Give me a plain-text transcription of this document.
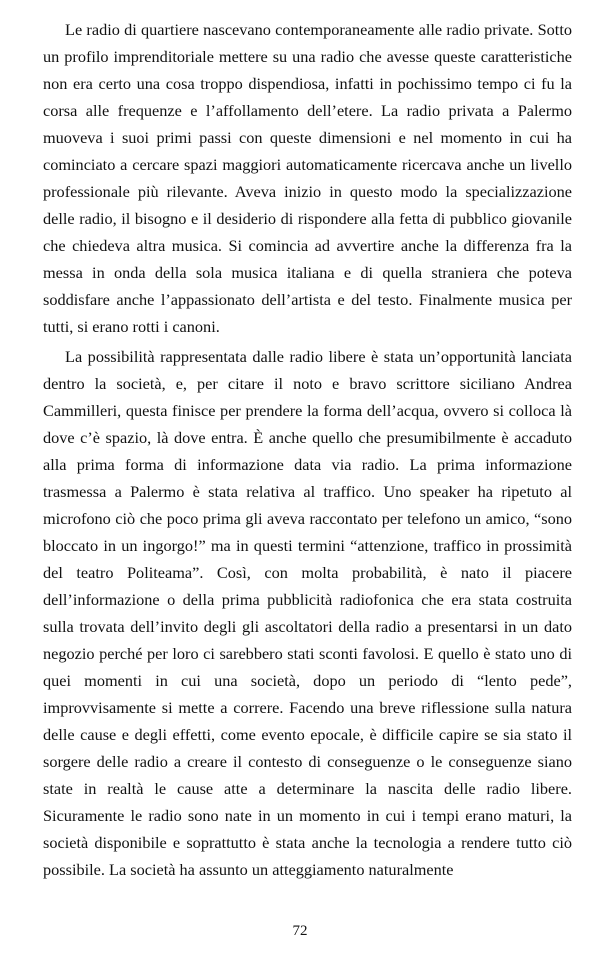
Le radio di quartiere nascevano contemporaneamente alle radio private. Sotto un profilo imprenditoriale mettere su una radio che avesse queste caratteristiche non era certo una cosa troppo dispendiosa, infatti in pochissimo tempo ci fu la corsa alle frequenze e l’affollamento dell’etere. La radio privata a Palermo muoveva i suoi primi passi con queste dimensioni e nel momento in cui ha cominciato a cercare spazi maggiori automaticamente ricercava anche un livello professionale più rilevante. Aveva inizio in questo modo la specializzazione delle radio, il bisogno e il desiderio di rispondere alla fetta di pubblico giovanile che chiedeva altra musica. Si comincia ad avvertire anche la differenza fra la messa in onda della sola musica italiana e di quella straniera che poteva soddisfare anche l’appassionato dell’artista e del testo. Finalmente musica per tutti, si erano rotti i canoni.

La possibilità rappresentata dalle radio libere è stata un’opportunità lanciata dentro la società, e, per citare il noto e bravo scrittore siciliano Andrea Cammilleri, questa finisce per prendere la forma dell’acqua, ovvero si colloca là dove c’è spazio, là dove entra. È anche quello che presumibilmente è accaduto alla prima forma di informazione data via radio. La prima informazione trasmessa a Palermo è stata relativa al traffico. Uno speaker ha ripetuto al microfono ciò che poco prima gli aveva raccontato per telefono un amico, “sono bloccato in un ingorgo!” ma in questi termini “attenzione, traffico in prossimità del teatro Politeama”. Così, con molta probabilità, è nato il piacere dell’informazione o della prima pubblicità radiofonica che era stata costruita sulla trovata dell’invito degli gli ascoltatori della radio a presentarsi in un dato negozio perché per loro ci sarebbero stati sconti favolosi. E quello è stato uno di quei momenti in cui una società, dopo un periodo di “lento pede”, improvvisamente si mette a correre. Facendo una breve riflessione sulla natura delle cause e degli effetti, come evento epocale, è difficile capire se sia stato il sorgere delle radio a creare il contesto di conseguenze o le conseguenze siano state in realtà le cause atte a determinare la nascita delle radio libere. Sicuramente le radio sono nate in un momento in cui i tempi erano maturi, la società disponibile e soprattutto è stata anche la tecnologia a rendere tutto ciò possibile. La società ha assunto un atteggiamento naturalmente

72
